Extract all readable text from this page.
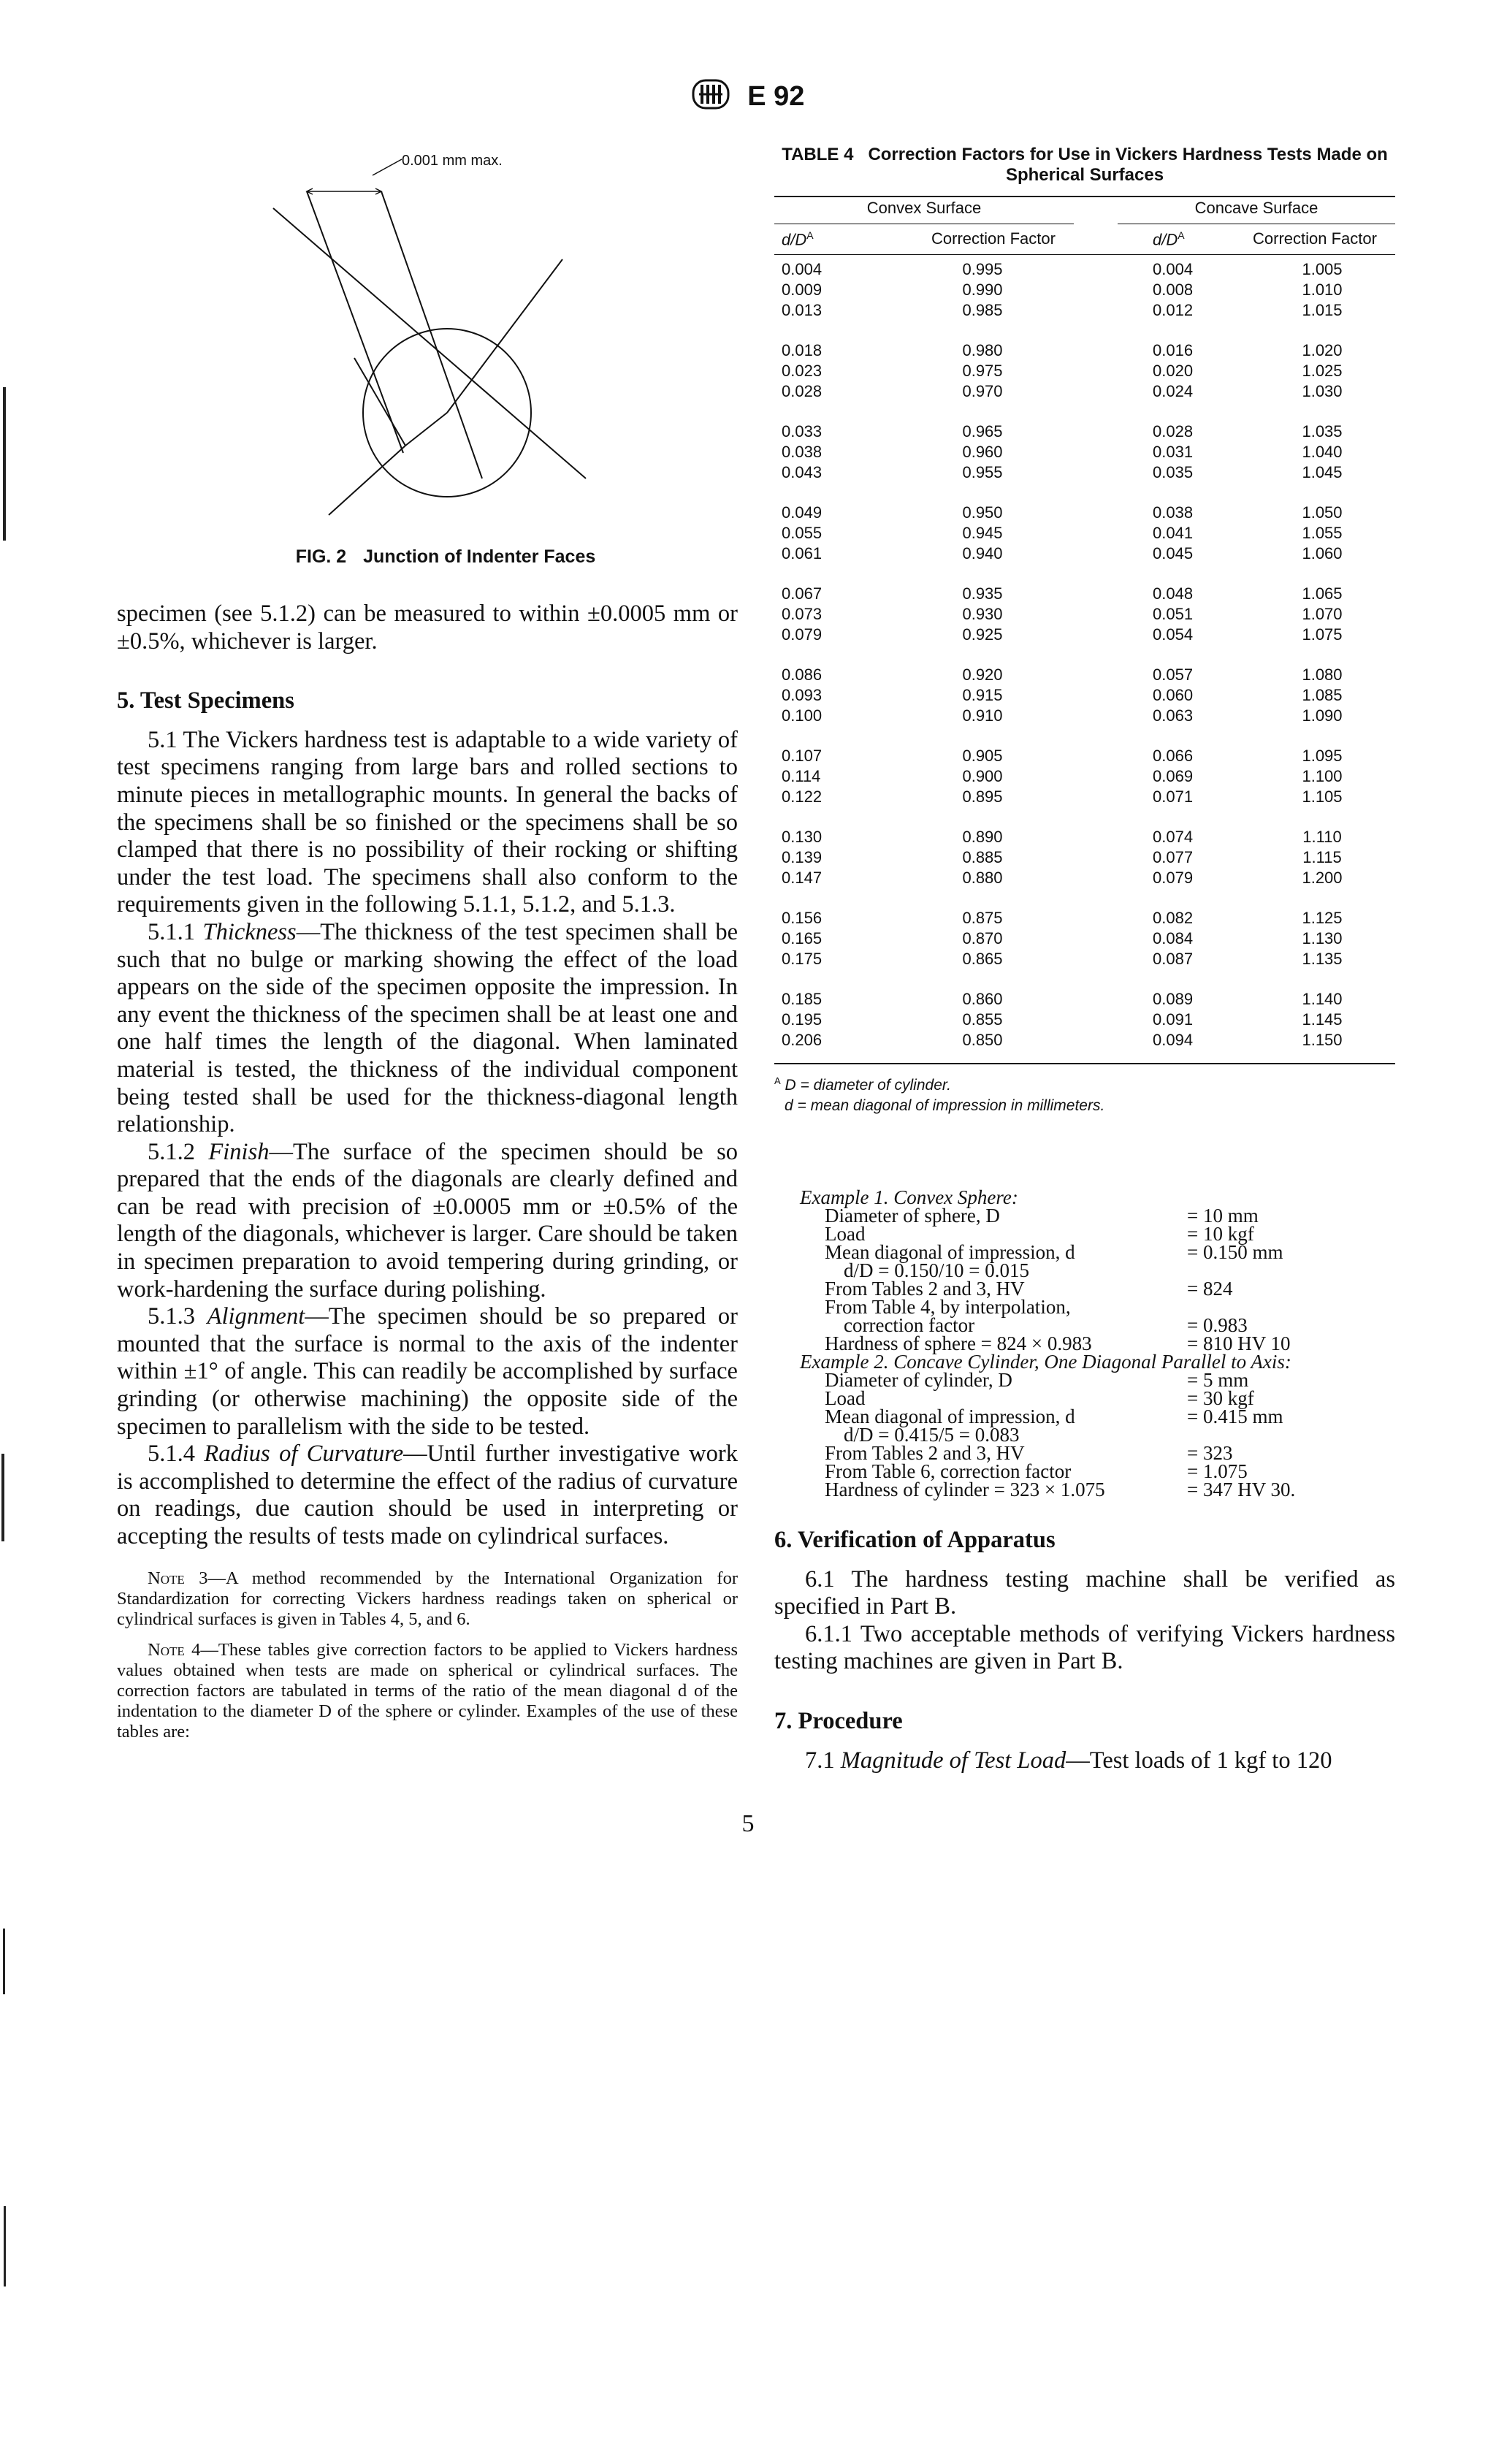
E 92
0.001 mm max.
FIG. 2 Junction of Indenter Faces

specimen (see 5.1.2) can be measured to within ±0.0005 mm or ±0.5%, whichever is larger.

5. Test Specimens

5.1 The Vickers hardness test is adaptable to a wide variety of test specimens ranging from large bars and rolled sections to minute pieces in metallographic mounts. In general the backs of the specimens shall be so finished or the specimens shall be so clamped that there is no possibility of their rocking or shifting under the test load. The specimens shall also conform to the requirements given in the following 5.1.1, 5.1.2, and 5.1.3.

5.1.1 Thickness—The thickness of the test specimen shall be such that no bulge or marking showing the effect of the load appears on the side of the specimen opposite the impression. In any event the thickness of the specimen shall be at least one and one half times the length of the diagonal. When laminated material is tested, the thickness of the individual component being tested shall be used for the thickness-diagonal length relationship.

5.1.2 Finish—The surface of the specimen should be so prepared that the ends of the diagonals are clearly defined and can be read with precision of ±0.0005 mm or ±0.5% of the length of the diagonals, whichever is larger. Care should be taken in specimen preparation to avoid tempering during grinding, or work-hardening the surface during polishing.

5.1.3 Alignment—The specimen should be so prepared or mounted that the surface is normal to the axis of the indenter within ±1° of angle. This can readily be accomplished by surface grinding (or otherwise machining) the opposite side of the specimen to parallelism with the side to be tested.

5.1.4 Radius of Curvature—Until further investigative work is accomplished to determine the effect of the radius of curvature on readings, due caution should be used in interpreting or accepting the results of tests made on cylindrical surfaces.

Note 3—A method recommended by the International Organization for Standardization for correcting Vickers hardness readings taken on spherical or cylindrical surfaces is given in Tables 4, 5, and 6.

Note 4—These tables give correction factors to be applied to Vickers hardness values obtained when tests are made on spherical or cylindrical surfaces. The correction factors are tabulated in terms of the ratio of the mean diagonal d of the indentation to the diameter D of the sphere or cylinder. Examples of the use of these tables are:

TABLE 4 Correction Factors for Use in Vickers Hardness Tests Made on Spherical Surfaces
Convex Surface	Concave Surface
$d/D^A$	Correction Factor	$d/D^A$	Correction Factor
0.004	0.995	0.004	1.005
0.009	0.990	0.008	1.010
0.013	0.985	0.012	1.015
0.018	0.980	0.016	1.020
0.023	0.975	0.020	1.025
0.028	0.970	0.024	1.030
0.033	0.965	0.028	1.035
0.038	0.960	0.031	1.040
0.043	0.955	0.035	1.045
0.049	0.950	0.038	1.050
0.055	0.945	0.041	1.055
0.061	0.940	0.045	1.060
0.067	0.935	0.048	1.065
0.073	0.930	0.051	1.070
0.079	0.925	0.054	1.075
0.086	0.920	0.057	1.080
0.093	0.915	0.060	1.085
0.100	0.910	0.063	1.090
0.107	0.905	0.066	1.095
0.114	0.900	0.069	1.100
0.122	0.895	0.071	1.105
0.130	0.890	0.074	1.110
0.139	0.885	0.077	1.115
0.147	0.880	0.079	1.200
0.156	0.875	0.082	1.125
0.165	0.870	0.084	1.130
0.175	0.865	0.087	1.135
0.185	0.860	0.089	1.140
0.195	0.855	0.091	1.145
0.206	0.850	0.094	1.150
$^A$ D = diameter of cylinder.
d = mean diagonal of impression in millimeters.
Example 1. Convex Sphere:
Diameter of sphere, D	= 10 mm
Load	= 10 kgf
Mean diagonal of impression, d	= 0.150 mm
d/D = 0.150/10 = 0.015
From Tables 2 and 3, HV	= 824
From Table 4, by interpolation,
correction factor	= 0.983
Hardness of sphere = 824 × 0.983	= 810 HV 10
Example 2. Concave Cylinder, One Diagonal Parallel to Axis:
Diameter of cylinder, D	= 5 mm
Load	= 30 kgf
Mean diagonal of impression, d	= 0.415 mm
d/D = 0.415/5 = 0.083
From Tables 2 and 3, HV	= 323
From Table 6, correction factor	= 1.075
Hardness of cylinder = 323 × 1.075	= 347 HV 30.

6. Verification of Apparatus

6.1 The hardness testing machine shall be verified as specified in Part B.

6.1.1 Two acceptable methods of verifying Vickers hardness testing machines are given in Part B.

7. Procedure

7.1 Magnitude of Test Load—Test loads of 1 kgf to 120

5
